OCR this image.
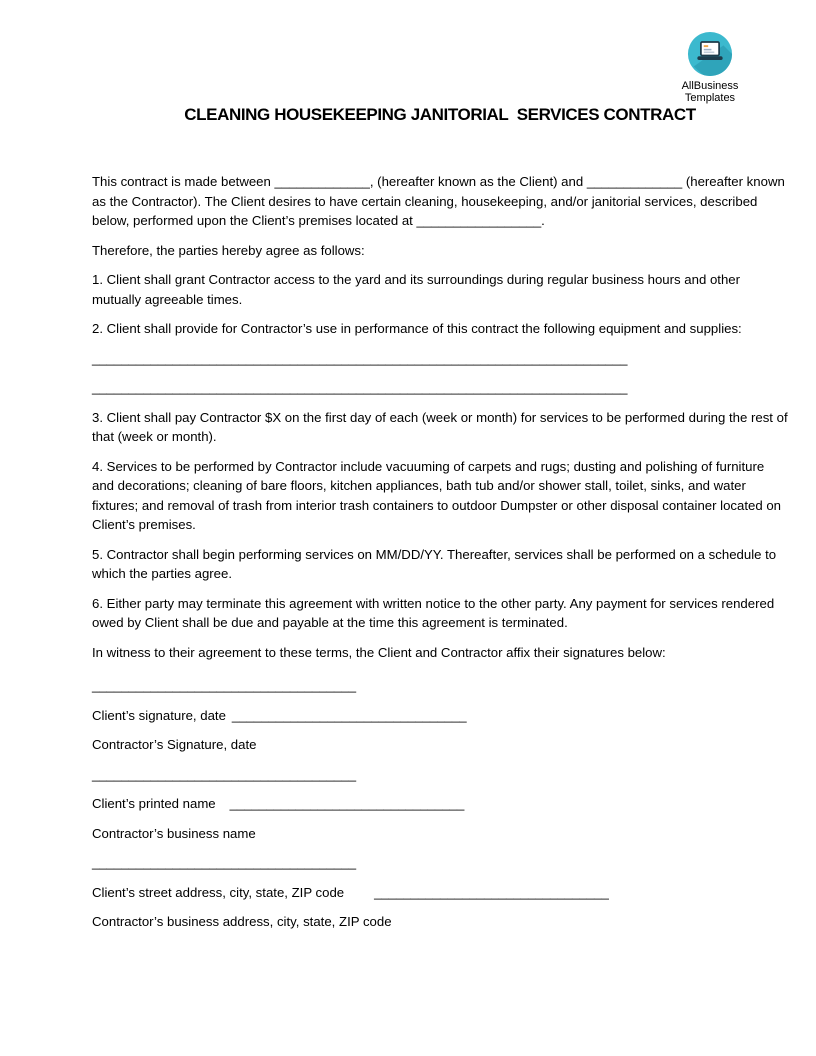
AllBusiness
Templates
CLEANING HOUSEKEEPING JANITORIAL  SERVICES CONTRACT

This contract is made between _____________, (hereafter known as the Client) and _____________ (hereafter known as the Contractor). The Client desires to have certain cleaning, housekeeping, and/or janitorial services, described below, performed upon the Client’s premises located at _________________.

Therefore, the parties hereby agree as follows:

1. Client shall grant Contractor access to the yard and its surroundings during regular business hours and other mutually agreeable times.

2. Client shall provide for Contractor’s use in performance of this contract the following equipment and supplies:

_________________________________________________________________________

_________________________________________________________________________

3. Client shall pay Contractor $X on the first day of each (week or month) for services to be performed during the rest of that (week or month).

4. Services to be performed by Contractor include vacuuming of carpets and rugs; dusting and polishing of furniture and decorations; cleaning of bare floors, kitchen appliances, bath tub and/or shower stall, toilet, sinks, and water fixtures; and removal of trash from interior trash containers to outdoor Dumpster or other disposal container located on Client’s premises.

5. Contractor shall begin performing services on MM/DD/YY. Thereafter, services shall be performed on a schedule to which the parties agree.

6. Either party may terminate this agreement with written notice to the other party. Any payment for services rendered owed by Client shall be due and payable at the time this agreement is terminated.

In witness to their agreement to these terms, the Client and Contractor affix their signatures below:

____________________________________

Client’s signature, date ________________________________

Contractor’s Signature, date

____________________________________

Client’s printed name ________________________________

Contractor’s business name

____________________________________

Client’s street address, city, state, ZIP code ________________________________

Contractor’s business address, city, state, ZIP code
